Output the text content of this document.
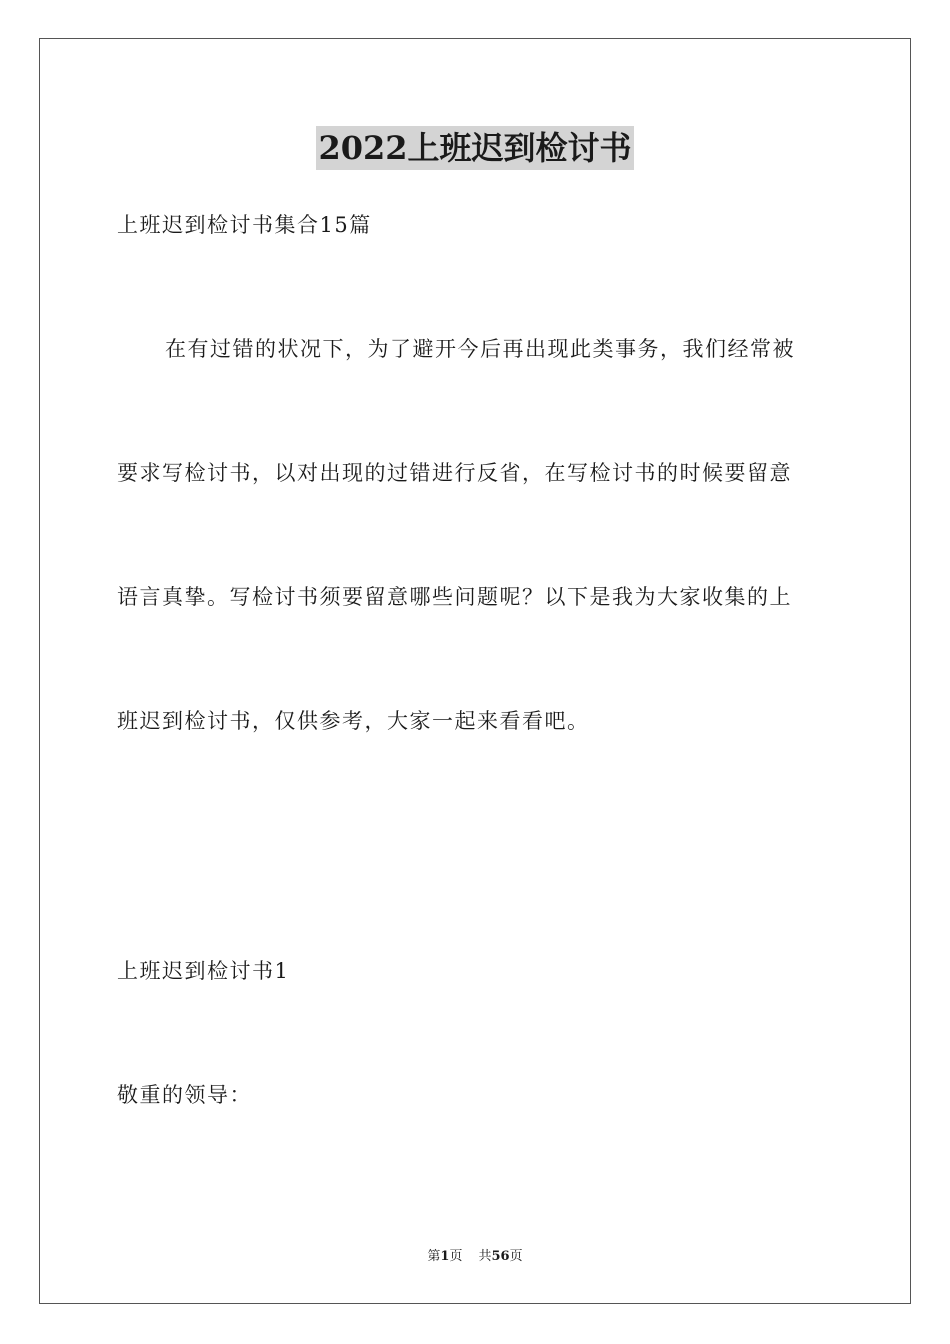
2022上班迟到检讨书
上班迟到检讨书集合15篇
在有过错的状况下，为了避开今后再出现此类事务，我们经常被
要求写检讨书，以对出现的过错进行反省，在写检讨书的时候要留意
语言真挚。写检讨书须要留意哪些问题呢？以下是我为大家收集的上
班迟到检讨书，仅供参考，大家一起来看看吧。
上班迟到检讨书1
敬重的领导：
第1页 共56页
